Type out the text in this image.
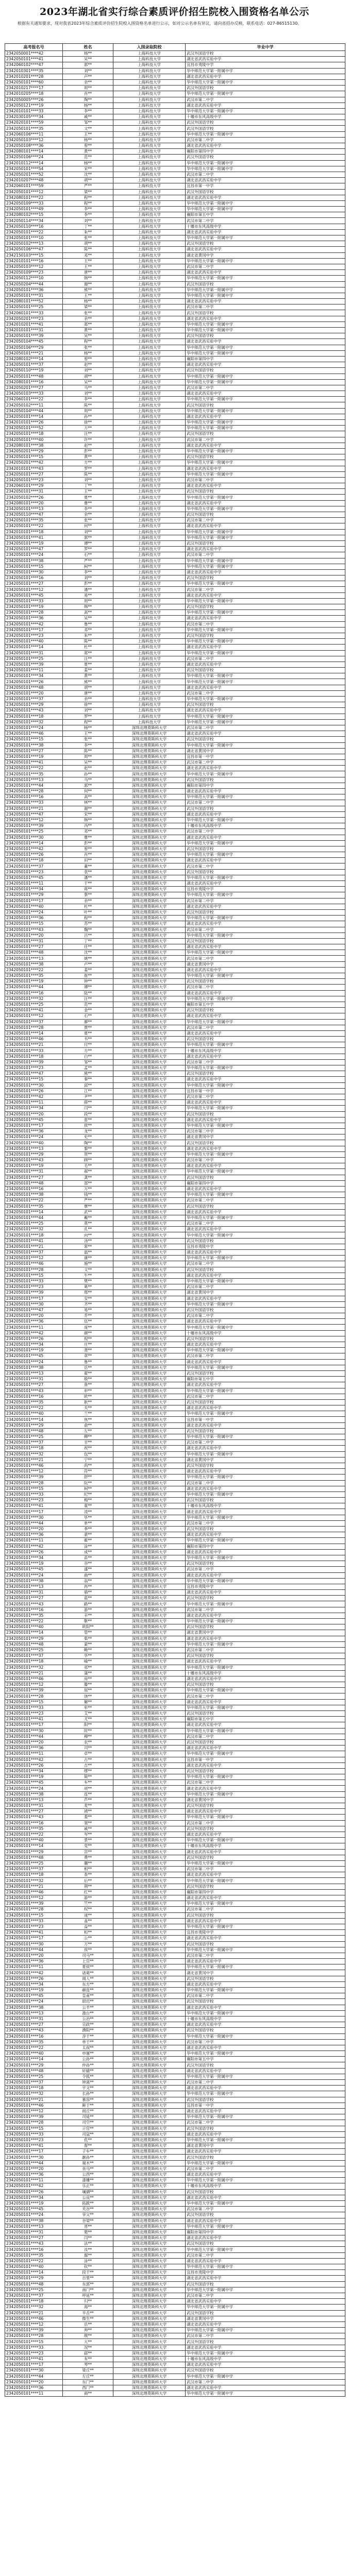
2023年湖北省实行综合素质评价招生院校入围资格名单公示

根据有关通知要求，现对我省2023年综合素质评价招生院校入围资格名单进行公示，如对公示名单有异议，请向省招办反映，联系电话：027-86515130。

高考报名号	姓名	入围录取院校	毕业中学
2342050001****42	杨**	上海科技大学	武汉外国语学校
2342050101****41	吴**	上海科技大学	湖北省武昌实验中学
2342060102****47	郭**	上海科技大学	宜昌市夷陵中学
2342010301****35	刘**	上海科技大学	华中师范大学第一附属中学
2342010201****28	卢**	上海科技大学	湖北省武昌实验中学
2342050101****60	余**	上海科技大学	华中师范大学第一附属中学
2342010217****17	周**	上海科技大学	武汉外国语学校
2342010205****18	肖**	上海科技大学	华中师范大学第一附属中学
2342050005****26	陶**	上海科技大学	武汉市第二中学
2342050121****19	杨**	上海科技大学	湖北省武昌实验中学
2342010101****33	李**	上海科技大学	华中师范大学第一附属中学
2342030105****34	戚**	上海科技大学	十堰市东风高级中学
2342020101****59	邹**	上海科技大学	武汉外国语学校
2342050101****35	文**	上海科技大学	武汉外国语学校
2342060106****11	王**	上海科技大学	华中师范大学第一附属中学
2342050103****12	杨**	上海科技大学	武汉市第二中学
2342050108****36	曾**	上海科技大学	湖北省武昌实验中学
2342080101****14	黄**	上海科技大学	襄阳市第四中学
2342050106****24	范**	上海科技大学	武汉外国语学校
2342010112****14	杨**	上海科技大学	华中师范大学第一附属中学
2342050101****54	宋**	上海科技大学	华中师范大学第一附属中学
2342050201****52	沈**	上海科技大学	武汉市第二中学
2342010207****48	胡**	上海科技大学	湖北省武昌实验中学
2342060101****59	严**	上海科技大学	宜昌市第一中学
2342050101****12	梁**	上海科技大学	武汉外国语学校
2342080101****22	程**	上海科技大学	湖北省武昌实验中学
2342050109****33	程**	上海科技大学	华中师范大学第一附属中学
2342050101****49	李**	上海科技大学	华中师范大学第一附属中学
2342080102****15	李**	上海科技大学	襄阳市第五中学
2342050114****34	刘**	上海科技大学	武汉市第二中学
2342050110****16	丁**	上海科技大学	十堰市东风高级中学
2342050101****22	朱**	上海科技大学	湖北省武昌实验中学
2342050101****10	张**	上海科技大学	华中师范大学第一附属中学
2342050102****13	胡**	上海科技大学	武汉外国语学校
2342050106****47	陈**	上海科技大学	湖北省武昌实验中学
2342150103****15	邓**	上海科技大学	湖北省黄冈中学
2342010101****16	王**	上海科技大学	华中师范大学第一附属中学
2342050103****12	王**	上海科技大学	武汉市第二中学
2342050109****23	唐**	上海科技大学	湖北省武昌实验中学
2342050112****10	韩**	上海科技大学	华中师范大学第一附属中学
2342050204****44	谢**	上海科技大学	武汉外国语学校
2342050101****36	熊**	上海科技大学	华中师范大学第一附属中学
2342050101****31	王**	上海科技大学	华中师范大学第一附属中学
2342080101****52	杨**	上海科技大学	湖北省武昌实验中学
2342050101****25	梁**	上海科技大学	武汉市第二中学
2342060101****33	张**	上海科技大学	武汉外国语学校
2342050201****23	余**	上海科技大学	湖北省武昌实验中学
2342010201****41	郑**	上海科技大学	华中师范大学第一附属中学
2342010101****31	黄**	上海科技大学	华中师范大学第一附属中学
2342050101****39	吴**	上海科技大学	武汉外国语学校
2342050104****45	程**	上海科技大学	湖北省武昌实验中学
2342050106****29	张**	上海科技大学	华中师范大学第一附属中学
2342050101****21	杨**	上海科技大学	华中师范大学第一附属中学
2342080102****14	曾**	上海科技大学	襄阳市第四中学
2342050101****37	赵**	上海科技大学	湖北省武昌实验中学
2342050110****19	刘**	上海科技大学	武汉外国语学校
2342050101****48	胡**	上海科技大学	华中师范大学第一附属中学
2342080101****16	吴**	上海科技大学	华中师范大学第一附属中学
2342050201****27	马**	上海科技大学	武汉市第二中学
2342050103****33	刘**	上海科技大学	湖北省武昌实验中学
2342060101****22	李**	上海科技大学	华中师范大学第一附属中学
2342050102****11	陈**	上海科技大学	武汉外国语学校
2342050104****44	周**	上海科技大学	华中师范大学第一附属中学
2342050101****14	孙**	上海科技大学	湖北省武昌实验中学
2342010101****26	徐**	上海科技大学	华中师范大学第一附属中学
2342050101****52	万**	上海科技大学	华中师范大学第一附属中学
2342050101****18	汪**	上海科技大学	武汉外国语学校
2342050101****40	许**	上海科技大学	武汉市第二中学
2342080101****38	赵**	上海科技大学	湖北省武昌实验中学
2342050201****29	彭**	上海科技大学	华中师范大学第一附属中学
2342050101****15	黄**	上海科技大学	武汉外国语学校
2342050201****42	方**	上海科技大学	华中师范大学第一附属中学
2342010101****43	罗**	上海科技大学	湖北省武昌实验中学
2342050101****27	陈**	上海科技大学	华中师范大学第一附属中学
2342050101****23	刘**	上海科技大学	武汉市第二中学
2342060101****29	丁**	上海科技大学	湖北省武昌实验中学
2342050101****31	王**	上海科技大学	武汉外国语学校
2342050102****26	夏**	上海科技大学	华中师范大学第一附属中学
2342080101****20	曹**	上海科技大学	湖北省武昌实验中学
2342050101****13	李**	上海科技大学	华中师范大学第一附属中学
2342050110****47	余**	上海科技大学	武汉外国语学校
2342050101****35	张**	上海科技大学	武汉市第二中学
2342050101****22	何**	上海科技大学	湖北省武昌实验中学
2342010101****18	刘**	上海科技大学	华中师范大学第一附属中学
2342050101****41	郭**	上海科技大学	华中师范大学第一附属中学
2342050101****19	谭**	上海科技大学	武汉外国语学校
2342050101****47	罗**	上海科技大学	湖北省武昌实验中学
2342050101****24	石**	上海科技大学	武汉市第二中学
2342050101****38	严**	上海科技大学	华中师范大学第一附属中学
2342050101****15	柯**	上海科技大学	华中师范大学第一附属中学
2342050101****30	李**	上海科技大学	湖北省武昌实验中学
2342050101****16	刘**	上海科技大学	武汉外国语学校
2342050101****27	彭**	上海科技大学	华中师范大学第一附属中学
2342050101****12	潘**	上海科技大学	武汉市第二中学
2342050101****45	易**	上海科技大学	湖北省武昌实验中学
2342050101****33	周**	上海科技大学	华中师范大学第一附属中学
2342050101****19	韩**	上海科技大学	武汉外国语学校
2342050101****28	高**	上海科技大学	华中师范大学第一附属中学
2342050101****36	吴**	上海科技大学	湖北省武昌实验中学
2342050101****42	鲁**	上海科技大学	武汉市第二中学
2342050101****17	邓**	上海科技大学	华中师范大学第一附属中学
2342050101****23	朱**	上海科技大学	武汉外国语学校
2342050101****40	陈**	上海科技大学	华中师范大学第一附属中学
2342050101****14	杜**	上海科技大学	湖北省武昌实验中学
2342050101****31	郑**	上海科技大学	华中师范大学第一附属中学
2342050101****25	汪**	上海科技大学	武汉市第二中学
2342050101****39	夏**	上海科技大学	湖北省武昌实验中学
2342050101****11	姜**	上海科技大学	武汉外国语学校
2342050101****34	黄**	上海科技大学	华中师范大学第一附属中学
2342050101****26	熊**	上海科技大学	华中师范大学第一附属中学
2342050101****48	胡**	上海科技大学	湖北省武昌实验中学
2342050101****20	唐**	上海科技大学	武汉市第二中学
2342050101****37	余**	上海科技大学	华中师范大学第一附属中学
2342050101****29	徐**	上海科技大学	武汉外国语学校
2342050101****43	刘**	上海科技大学	湖北省武昌实验中学
2342050101****18	罗**	上海科技大学	华中师范大学第一附属中学
2342050101****32	程**	上海科技大学	华中师范大学第一附属中学
2342050101****24	杨**	深圳北理莫斯科大学	武汉市第二中学
2342050101****46	王**	深圳北理莫斯科大学	湖北省武昌实验中学
2342050101****15	张**	深圳北理莫斯科大学	武汉外国语学校
2342050101****38	李**	深圳北理莫斯科大学	华中师范大学第一附属中学
2342050101****27	陈**	深圳北理莫斯科大学	湖北省黄冈中学
2342050101****19	周**	深圳北理莫斯科大学	宜昌市第一中学
2342050101****41	吴**	深圳北理莫斯科大学	武汉市第二中学
2342050101****22	赵**	深圳北理莫斯科大学	湖北省武昌实验中学
2342050101****35	孙**	深圳北理莫斯科大学	华中师范大学第一附属中学
2342050101****13	马**	深圳北理莫斯科大学	武汉外国语学校
2342050101****44	郭**	深圳北理莫斯科大学	襄阳市第四中学
2342050101****28	何**	深圳北理莫斯科大学	湖北省武昌实验中学
2342050101****16	高**	深圳北理莫斯科大学	华中师范大学第一附属中学
2342050101****33	林**	深圳北理莫斯科大学	武汉市第二中学
2342050101****21	谢**	深圳北理莫斯科大学	武汉外国语学校
2342050101****47	宋**	深圳北理莫斯科大学	湖北省武昌实验中学
2342050101****12	韩**	深圳北理莫斯科大学	华中师范大学第一附属中学
2342050101****39	冯**	深圳北理莫斯科大学	十堰市东风高级中学
2342050101****25	邓**	深圳北理莫斯科大学	武汉市第二中学
2342050101****30	曹**	深圳北理莫斯科大学	湖北省武昌实验中学
2342050101****14	彭**	深圳北理莫斯科大学	华中师范大学第一附属中学
2342050101****42	曾**	深圳北理莫斯科大学	武汉外国语学校
2342050101****26	肖**	深圳北理莫斯科大学	华中师范大学第一附属中学
2342050101****18	田**	深圳北理莫斯科大学	湖北省武昌实验中学
2342050101****37	董**	深圳北理莫斯科大学	武汉市第二中学
2342050101****23	袁**	深圳北理莫斯科大学	武汉外国语学校
2342050101****45	潘**	深圳北理莫斯科大学	华中师范大学第一附属中学
2342050101****11	于**	深圳北理莫斯科大学	湖北省武昌实验中学
2342050101****34	蒋**	深圳北理莫斯科大学	宜昌市夷陵中学
2342050101****29	蔡**	深圳北理莫斯科大学	华中师范大学第一附属中学
2342050101****17	余**	深圳北理莫斯科大学	武汉市第二中学
2342050101****40	杜**	深圳北理莫斯科大学	湖北省武昌实验中学
2342050101****24	叶**	深圳北理莫斯科大学	武汉外国语学校
2342050101****36	程**	深圳北理莫斯科大学	华中师范大学第一附属中学
2342050101****15	苏**	深圳北理莫斯科大学	湖北省武昌实验中学
2342050101****43	魏**	深圳北理莫斯科大学	武汉市第二中学
2342050101****20	吕**	深圳北理莫斯科大学	华中师范大学第一附属中学
2342050101****31	丁**	深圳北理莫斯科大学	武汉外国语学校
2342050101****27	任**	深圳北理莫斯科大学	湖北省武昌实验中学
2342050101****48	沈**	深圳北理莫斯科大学	华中师范大学第一附属中学
2342050101****13	姚**	深圳北理莫斯科大学	武汉市第二中学
2342050101****38	卢**	深圳北理莫斯科大学	湖北省黄冈中学
2342050101****22	姜**	深圳北理莫斯科大学	湖北省武昌实验中学
2342050101****35	崔**	深圳北理莫斯科大学	华中师范大学第一附属中学
2342050101****19	钟**	深圳北理莫斯科大学	武汉外国语学校
2342050101****44	谭**	深圳北理莫斯科大学	武汉市第二中学
2342050101****16	陆**	深圳北理莫斯科大学	湖北省武昌实验中学
2342050101****32	汪**	深圳北理莫斯科大学	华中师范大学第一附属中学
2342050101****25	范**	深圳北理莫斯科大学	襄阳市第五中学
2342050101****41	金**	深圳北理莫斯科大学	武汉外国语学校
2342050101****12	石**	深圳北理莫斯科大学	湖北省武昌实验中学
2342050101****37	廖**	深圳北理莫斯科大学	华中师范大学第一附属中学
2342050101****28	贾**	深圳北理莫斯科大学	武汉市第二中学
2342050101****14	夏**	深圳北理莫斯科大学	湖北省武昌实验中学
2342050101****46	韦**	深圳北理莫斯科大学	武汉外国语学校
2342050101****21	付**	深圳北理莫斯科大学	华中师范大学第一附属中学
2342050101****33	方**	深圳北理莫斯科大学	十堰市东风高级中学
2342050101****18	白**	深圳北理莫斯科大学	湖北省武昌实验中学
2342050101****39	邹**	深圳北理莫斯科大学	武汉市第二中学
2342050101****23	孟**	深圳北理莫斯科大学	华中师范大学第一附属中学
2342050101****47	熊**	深圳北理莫斯科大学	武汉外国语学校
2342050101****15	秦**	深圳北理莫斯科大学	湖北省武昌实验中学
2342050101****30	邱**	深圳北理莫斯科大学	华中师范大学第一附属中学
2342050101****26	江**	深圳北理莫斯科大学	宜昌市第一中学
2342050101****42	尹**	深圳北理莫斯科大学	武汉市第二中学
2342050101****11	薛**	深圳北理莫斯科大学	湖北省武昌实验中学
2342050101****34	闫**	深圳北理莫斯科大学	华中师范大学第一附属中学
2342050101****20	段**	深圳北理莫斯科大学	武汉外国语学校
2342050101****45	雷**	深圳北理莫斯科大学	湖北省武昌实验中学
2342050101****17	侯**	深圳北理莫斯科大学	华中师范大学第一附属中学
2342050101****36	龙**	深圳北理莫斯科大学	武汉市第二中学
2342050101****24	史**	深圳北理莫斯科大学	湖北省黄冈中学
2342050101****40	陶**	深圳北理莫斯科大学	武汉外国语学校
2342050101****13	黎**	深圳北理莫斯科大学	湖北省武昌实验中学
2342050101****29	贺**	深圳北理莫斯科大学	华中师范大学第一附属中学
2342050101****43	顾**	深圳北理莫斯科大学	武汉市第二中学
2342050101****19	毛**	深圳北理莫斯科大学	湖北省武昌实验中学
2342050101****31	郝**	深圳北理莫斯科大学	华中师范大学第一附属中学
2342050101****27	龚**	深圳北理莫斯科大学	武汉外国语学校
2342050101****48	邵**	深圳北理莫斯科大学	襄阳市第四中学
2342050101****16	万**	深圳北理莫斯科大学	湖北省武昌实验中学
2342050101****38	钱**	深圳北理莫斯科大学	华中师范大学第一附属中学
2342050101****22	严**	深圳北理莫斯科大学	武汉市第二中学
2342050101****35	覃**	深圳北理莫斯科大学	武汉外国语学校
2342050101****14	武**	深圳北理莫斯科大学	湖北省武昌实验中学
2342050101****44	戴**	深圳北理莫斯科大学	华中师范大学第一附属中学
2342050101****25	莫**	深圳北理莫斯科大学	武汉市第二中学
2342050101****32	孔**	深圳北理莫斯科大学	湖北省武昌实验中学
2342050101****18	向**	深圳北理莫斯科大学	华中师范大学第一附属中学
2342050101****41	汤**	深圳北理莫斯科大学	武汉外国语学校
2342050101****21	常**	深圳北理莫斯科大学	宜昌市夷陵中学
2342050101****37	温**	深圳北理莫斯科大学	湖北省武昌实验中学
2342050101****12	康**	深圳北理莫斯科大学	华中师范大学第一附属中学
2342050101****46	施**	深圳北理莫斯科大学	武汉市第二中学
2342050101****28	文**	深圳北理莫斯科大学	武汉外国语学校
2342050101****15	牛**	深圳北理莫斯科大学	湖北省武昌实验中学
2342050101****33	樊**	深圳北理莫斯科大学	华中师范大学第一附属中学
2342050101****23	葛**	深圳北理莫斯科大学	武汉市第二中学
2342050101****39	邢**	深圳北理莫斯科大学	湖北省黄冈中学
2342050101****17	安**	深圳北理莫斯科大学	湖北省武昌实验中学
2342050101****30	齐**	深圳北理莫斯科大学	华中师范大学第一附属中学
2342050101****47	易**	深圳北理莫斯科大学	武汉外国语学校
2342050101****20	乔**	深圳北理莫斯科大学	武汉市第二中学
2342050101****36	伍**	深圳北理莫斯科大学	湖北省武昌实验中学
2342050101****11	庞**	深圳北理莫斯科大学	华中师范大学第一附属中学
2342050101****42	颜**	深圳北理莫斯科大学	十堰市东风高级中学
2342050101****26	倪**	深圳北理莫斯科大学	武汉外国语学校
2342050101****34	庄**	深圳北理莫斯科大学	湖北省武昌实验中学
2342050101****19	聂**	深圳北理莫斯科大学	华中师范大学第一附属中学
2342050101****45	章**	深圳北理莫斯科大学	武汉市第二中学
2342050101****24	鲁**	深圳北理莫斯科大学	湖北省武昌实验中学
2342050101****38	岳**	深圳北理莫斯科大学	华中师范大学第一附属中学
2342050101****13	翟**	深圳北理莫斯科大学	武汉外国语学校
2342050101****31	殷**	深圳北理莫斯科大学	襄阳市第五中学
2342050101****27	詹**	深圳北理莫斯科大学	湖北省武昌实验中学
2342050101****43	申**	深圳北理莫斯科大学	华中师范大学第一附属中学
2342050101****16	欧**	深圳北理莫斯科大学	武汉市第二中学
2342050101****35	耿**	深圳北理莫斯科大学	武汉外国语学校
2342050101****22	关**	深圳北理莫斯科大学	湖北省武昌实验中学
2342050101****40	兰**	深圳北理莫斯科大学	华中师范大学第一附属中学
2342050101****14	焦**	深圳北理莫斯科大学	宜昌市第一中学
2342050101****29	俞**	深圳北理莫斯科大学	湖北省武昌实验中学
2342050101****48	左**	深圳北理莫斯科大学	武汉外国语学校
2342050101****25	柳**	深圳北理莫斯科大学	华中师范大学第一附属中学
2342050101****37	甘**	深圳北理莫斯科大学	武汉市第二中学
2342050101****18	祝**	深圳北理莫斯科大学	湖北省武昌实验中学
2342050101****32	包**	深圳北理莫斯科大学	华中师范大学第一附属中学
2342050101****21	宁**	深圳北理莫斯科大学	湖北省黄冈中学
2342050101****46	尚**	深圳北理莫斯科大学	武汉外国语学校
2342050101****12	符**	深圳北理莫斯科大学	湖北省武昌实验中学
2342050101****39	舒**	深圳北理莫斯科大学	华中师范大学第一附属中学
2342050101****28	阮**	深圳北理莫斯科大学	武汉市第二中学
2342050101****15	柯**	深圳北理莫斯科大学	湖北省武昌实验中学
2342050101****33	纪**	深圳北理莫斯科大学	华中师范大学第一附属中学
2342050101****23	梅**	深圳北理莫斯科大学	武汉外国语学校
2342050101****41	童**	深圳北理莫斯科大学	十堰市东风高级中学
2342050101****17	凌**	深圳北理莫斯科大学	湖北省武昌实验中学
2342050101****30	毕**	深圳北理莫斯科大学	华中师范大学第一附属中学
2342050101****44	单**	深圳北理莫斯科大学	武汉市第二中学
2342050101****20	季**	深圳北理莫斯科大学	武汉外国语学校
2342050101****36	裴**	深圳北理莫斯科大学	湖北省武昌实验中学
2342050101****11	霍**	深圳北理莫斯科大学	华中师范大学第一附属中学
2342050101****42	涂**	深圳北理莫斯科大学	襄阳市第四中学
2342050101****26	成**	深圳北理莫斯科大学	湖北省武昌实验中学
2342050101****34	苗**	深圳北理莫斯科大学	华中师范大学第一附属中学
2342050101****19	谷**	深圳北理莫斯科大学	武汉外国语学校
2342050101****45	盛**	深圳北理莫斯科大学	武汉市第二中学
2342050101****24	曲**	深圳北理莫斯科大学	湖北省武昌实验中学
2342050101****38	翁**	深圳北理莫斯科大学	华中师范大学第一附属中学
2342050101****13	冉**	深圳北理莫斯科大学	宜昌市夷陵中学
2342050101****31	骆**	深圳北理莫斯科大学	湖北省武昌实验中学
2342050101****27	蓝**	深圳北理莫斯科大学	武汉外国语学校
2342050101****43	路**	深圳北理莫斯科大学	华中师范大学第一附属中学
2342050101****16	游**	深圳北理莫斯科大学	武汉市第二中学
2342050101****35	辛**	深圳北理莫斯科大学	湖北省武昌实验中学
2342050101****22	靳**	深圳北理莫斯科大学	华中师范大学第一附属中学
2342050101****40	欧阳**	深圳北理莫斯科大学	武汉外国语学校
2342050101****14	管**	深圳北理莫斯科大学	湖北省黄冈中学
2342050101****29	柴**	深圳北理莫斯科大学	湖北省武昌实验中学
2342050101****48	蒙**	深圳北理莫斯科大学	华中师范大学第一附属中学
2342050101****25	鲍**	深圳北理莫斯科大学	武汉市第二中学
2342050101****37	华**	深圳北理莫斯科大学	武汉外国语学校
2342050101****18	喻**	深圳北理莫斯科大学	湖北省武昌实验中学
2342050101****32	祁**	深圳北理莫斯科大学	华中师范大学第一附属中学
2342050101****21	蒲**	深圳北理莫斯科大学	十堰市东风高级中学
2342050101****46	房**	深圳北理莫斯科大学	湖北省武昌实验中学
2342050101****12	滕**	深圳北理莫斯科大学	武汉外国语学校
2342050101****39	屈**	深圳北理莫斯科大学	华中师范大学第一附属中学
2342050101****28	饶**	深圳北理莫斯科大学	武汉市第二中学
2342050101****15	解**	深圳北理莫斯科大学	湖北省武昌实验中学
2342050101****33	牟**	深圳北理莫斯科大学	华中师范大学第一附属中学
2342050101****23	艾**	深圳北理莫斯科大学	武汉外国语学校
2342050101****41	尤**	深圳北理莫斯科大学	襄阳市第五中学
2342050101****17	阳**	深圳北理莫斯科大学	湖北省武昌实验中学
2342050101****30	时**	深圳北理莫斯科大学	华中师范大学第一附属中学
2342050101****44	穆**	深圳北理莫斯科大学	武汉市第二中学
2342050101****20	农**	深圳北理莫斯科大学	武汉外国语学校
2342050101****36	司**	深圳北理莫斯科大学	湖北省武昌实验中学
2342050101****11	卓**	深圳北理莫斯科大学	华中师范大学第一附属中学
2342050101****42	古**	深圳北理莫斯科大学	宜昌市第一中学
2342050101****26	吉**	深圳北理莫斯科大学	湖北省武昌实验中学
2342050101****34	缪**	深圳北理莫斯科大学	武汉外国语学校
2342050101****19	简**	深圳北理莫斯科大学	华中师范大学第一附属中学
2342050101****45	车**	深圳北理莫斯科大学	武汉市第二中学
2342050101****24	项**	深圳北理莫斯科大学	湖北省武昌实验中学
2342050101****38	连**	深圳北理莫斯科大学	华中师范大学第一附属中学
2342050101****13	芦**	深圳北理莫斯科大学	湖北省黄冈中学
2342050101****31	麦**	深圳北理莫斯科大学	武汉外国语学校
2342050101****27	褚**	深圳北理莫斯科大学	湖北省武昌实验中学
2342050101****43	娄**	深圳北理莫斯科大学	华中师范大学第一附属中学
2342050101****16	窦**	深圳北理莫斯科大学	武汉市第二中学
2342050101****35	戚**	深圳北理莫斯科大学	武汉外国语学校
2342050101****22	岑**	深圳北理莫斯科大学	湖北省武昌实验中学
2342050101****40	景**	深圳北理莫斯科大学	华中师范大学第一附属中学
2342050101****14	党**	深圳北理莫斯科大学	十堰市东风高级中学
2342050101****29	宫**	深圳北理莫斯科大学	湖北省武昌实验中学
2342050101****48	费**	深圳北理莫斯科大学	武汉外国语学校
2342050101****25	蒯**	深圳北理莫斯科大学	华中师范大学第一附属中学
2342050101****37	相**	深圳北理莫斯科大学	武汉市第二中学
2342050101****18	查**	深圳北理莫斯科大学	湖北省武昌实验中学
2342050101****32	后**	深圳北理莫斯科大学	华中师范大学第一附属中学
2342050101****21	荆**	深圳北理莫斯科大学	武汉外国语学校
2342050101****46	红**	深圳北理莫斯科大学	襄阳市第四中学
2342050101****12	游**	深圳北理莫斯科大学	湖北省武昌实验中学
2342050101****39	竺**	深圳北理莫斯科大学	华中师范大学第一附属中学
2342050101****28	权**	深圳北理莫斯科大学	武汉市第二中学
2342050101****15	逯**	深圳北理莫斯科大学	武汉外国语学校
2342050101****33	盖**	深圳北理莫斯科大学	湖北省武昌实验中学
2342050101****23	益**	深圳北理莫斯科大学	华中师范大学第一附属中学
2342050101****41	桓**	深圳北理莫斯科大学	宜昌市夷陵中学
2342050101****17	公**	深圳北理莫斯科大学	湖北省武昌实验中学
2342050101****30	万**	深圳北理莫斯科大学	武汉外国语学校
2342050101****44	俟**	深圳北理莫斯科大学	华中师范大学第一附属中学
2342050101****20	司马**	深圳北理莫斯科大学	武汉市第二中学
2342050101****36	上官**	深圳北理莫斯科大学	湖北省武昌实验中学
2342050101****11	夏侯**	深圳北理莫斯科大学	华中师范大学第一附属中学
2342050101****42	诸葛**	深圳北理莫斯科大学	湖北省黄冈中学
2342050101****26	闻人**	深圳北理莫斯科大学	武汉外国语学校
2342050101****34	东方**	深圳北理莫斯科大学	湖北省武昌实验中学
2342050101****19	赫连**	深圳北理莫斯科大学	华中师范大学第一附属中学
2342050101****45	皇甫**	深圳北理莫斯科大学	武汉市第二中学
2342050101****24	尉迟**	深圳北理莫斯科大学	武汉外国语学校
2342050101****38	公羊**	深圳北理莫斯科大学	湖北省武昌实验中学
2342050101****13	澹台**	深圳北理莫斯科大学	华中师范大学第一附属中学
2342050101****31	公冶**	深圳北理莫斯科大学	十堰市东风高级中学
2342050101****27	宗政**	深圳北理莫斯科大学	湖北省武昌实验中学
2342050101****43	濮阳**	深圳北理莫斯科大学	武汉外国语学校
2342050101****16	淳于**	深圳北理莫斯科大学	华中师范大学第一附属中学
2342050101****35	单于**	深圳北理莫斯科大学	武汉市第二中学
2342050101****22	太叔**	深圳北理莫斯科大学	湖北省武昌实验中学
2342050101****40	申屠**	深圳北理莫斯科大学	华中师范大学第一附属中学
2342050101****14	公孙**	深圳北理莫斯科大学	襄阳市第五中学
2342050101****29	仲孙**	深圳北理莫斯科大学	武汉外国语学校
2342050101****48	轩辕**	深圳北理莫斯科大学	湖北省武昌实验中学
2342050101****25	令狐**	深圳北理莫斯科大学	华中师范大学第一附属中学
2342050101****37	钟离**	深圳北理莫斯科大学	武汉市第二中学
2342050101****18	宇文**	深圳北理莫斯科大学	湖北省武昌实验中学
2342050101****32	长孙**	深圳北理莫斯科大学	华中师范大学第一附属中学
2342050101****21	慕容**	深圳北理莫斯科大学	武汉外国语学校
2342050101****46	鲜于**	深圳北理莫斯科大学	宜昌市第一中学
2342050101****12	闾丘**	深圳北理莫斯科大学	湖北省武昌实验中学
2342050101****39	司徒**	深圳北理莫斯科大学	华中师范大学第一附属中学
2342050101****28	司空**	深圳北理莫斯科大学	武汉市第二中学
2342050101****15	亓官**	深圳北理莫斯科大学	武汉外国语学校
2342050101****33	司寇**	深圳北理莫斯科大学	湖北省武昌实验中学
2342050101****23	仉**	深圳北理莫斯科大学	华中师范大学第一附属中学
2342050101****41	督**	深圳北理莫斯科大学	湖北省黄冈中学
2342050101****17	子车**	深圳北理莫斯科大学	湖北省武昌实验中学
2342050101****30	颛孙**	深圳北理莫斯科大学	武汉外国语学校
2342050101****44	端木**	深圳北理莫斯科大学	华中师范大学第一附属中学
2342050101****20	巫马**	深圳北理莫斯科大学	武汉市第二中学
2342050101****36	公西**	深圳北理莫斯科大学	湖北省武昌实验中学
2342050101****11	漆雕**	深圳北理莫斯科大学	华中师范大学第一附属中学
2342050101****42	乐正**	深圳北理莫斯科大学	十堰市东风高级中学
2342050101****26	壤驷**	深圳北理莫斯科大学	武汉外国语学校
2342050101****34	公良**	深圳北理莫斯科大学	湖北省武昌实验中学
2342050101****19	拓跋**	深圳北理莫斯科大学	华中师范大学第一附属中学
2342050101****45	夹谷**	深圳北理莫斯科大学	武汉市第二中学
2342050101****24	宰父**	深圳北理莫斯科大学	武汉外国语学校
2342050101****38	谷梁**	深圳北理莫斯科大学	湖北省武昌实验中学
2342050101****13	晋**	深圳北理莫斯科大学	华中师范大学第一附属中学
2342050101****31	楚**	深圳北理莫斯科大学	襄阳市第四中学
2342050101****27	闫**	深圳北理莫斯科大学	湖北省武昌实验中学
2342050101****43	法**	深圳北理莫斯科大学	武汉外国语学校
2342050101****16	汝**	深圳北理莫斯科大学	华中师范大学第一附属中学
2342050101****35	鄢**	深圳北理莫斯科大学	武汉市第二中学
2342050101****22	涂**	深圳北理莫斯科大学	湖北省武昌实验中学
2342050101****40	钦**	深圳北理莫斯科大学	华中师范大学第一附属中学
2342050101****14	段干**	深圳北理莫斯科大学	宜昌市夷陵中学
2342050101****29	百里**	深圳北理莫斯科大学	湖北省武昌实验中学
2342050101****48	东郭**	深圳北理莫斯科大学	武汉外国语学校
2342050101****25	南门**	深圳北理莫斯科大学	华中师范大学第一附属中学
2342050101****37	呼延**	深圳北理莫斯科大学	武汉市第二中学
2342050101****18	归**	深圳北理莫斯科大学	湖北省武昌实验中学
2342050101****32	海**	深圳北理莫斯科大学	华中师范大学第一附属中学
2342050101****21	羊舌**	深圳北理莫斯科大学	武汉外国语学校
2342050101****46	微生**	深圳北理莫斯科大学	湖北省黄冈中学
2342050101****12	岳**	深圳北理莫斯科大学	湖北省武昌实验中学
2342050101****39	帅**	深圳北理莫斯科大学	华中师范大学第一附属中学
2342050101****28	缑**	深圳北理莫斯科大学	武汉市第二中学
2342050101****15	亢**	深圳北理莫斯科大学	武汉外国语学校
2342050101****33	况**	深圳北理莫斯科大学	湖北省武昌实验中学
2342050101****23	郈**	深圳北理莫斯科大学	华中师范大学第一附属中学
2342050101****41	有**	深圳北理莫斯科大学	十堰市东风高级中学
2342050101****17	琴**	深圳北理莫斯科大学	湖北省武昌实验中学
2342050101****30	梁丘**	深圳北理莫斯科大学	武汉外国语学校
2342050101****44	左丘**	深圳北理莫斯科大学	华中师范大学第一附属中学
2342050101****20	东门**	深圳北理莫斯科大学	武汉市第二中学
2342050101****36	西门**	深圳北理莫斯科大学	湖北省武昌实验中学
2342050101****11	商**	深圳北理莫斯科大学	华中师范大学第一附属中学
